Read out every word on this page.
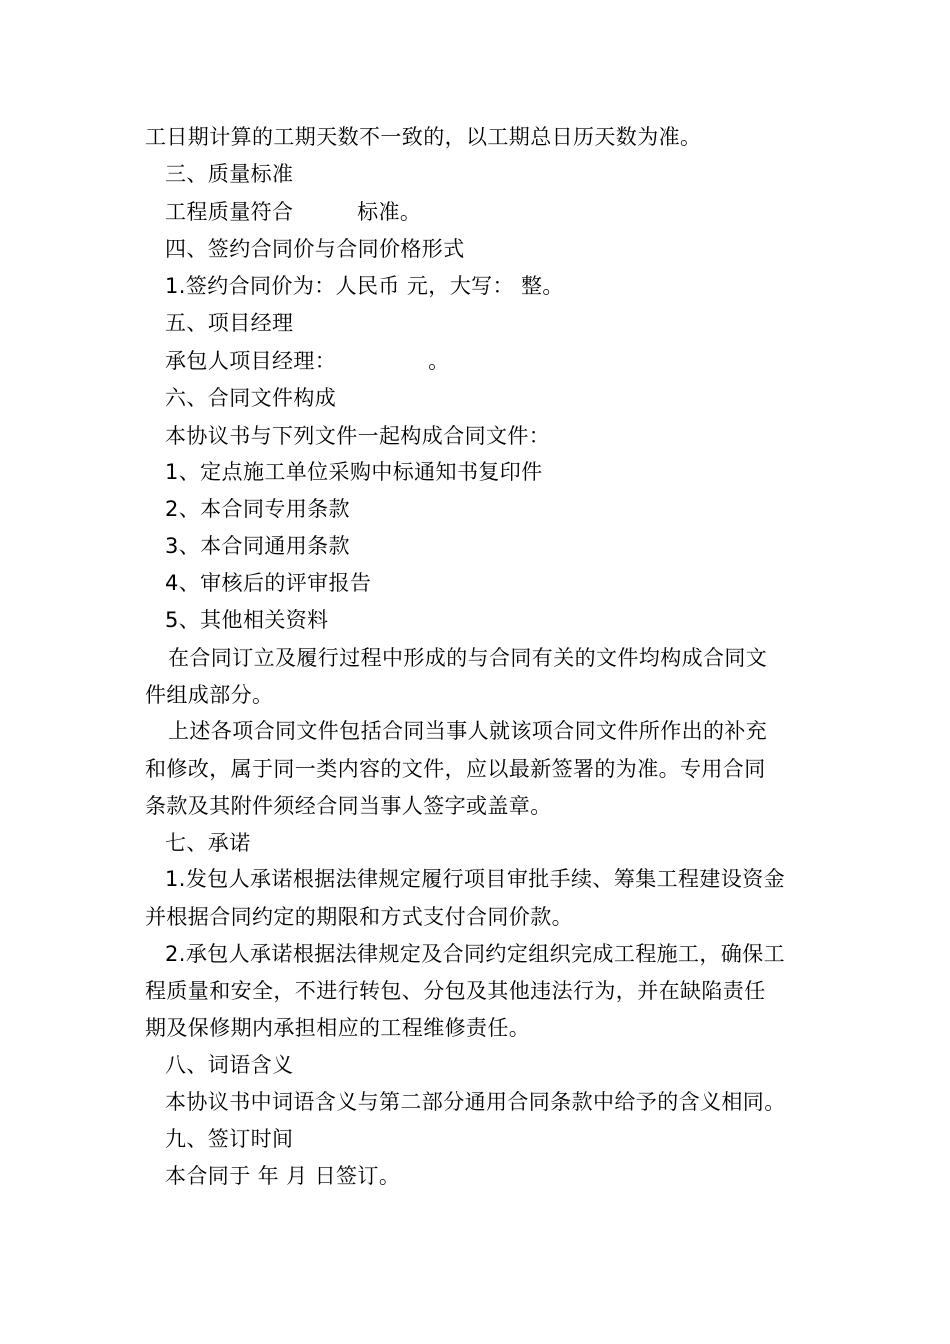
工日期计算的工期天数不一致的，以工期总日历天数为准。
三、质量标准
工程质量符合         标准。
四、签约合同价与合同价格形式
1.签约合同价为：人民币 元，大写： 整。
五、项目经理
承包人项目经理：             。
六、合同文件构成
本协议书与下列文件一起构成合同文件：
1、定点施工单位采购中标通知书复印件
2、本合同专用条款
3、本合同通用条款
4、审核后的评审报告
5、其他相关资料
在合同订立及履行过程中形成的与合同有关的文件均构成合同文
件组成部分。
上述各项合同文件包括合同当事人就该项合同文件所作出的补充
和修改，属于同一类内容的文件，应以最新签署的为准。专用合同
条款及其附件须经合同当事人签字或盖章。
七、承诺
1.发包人承诺根据法律规定履行项目审批手续、筹集工程建设资金
并根据合同约定的期限和方式支付合同价款。
2.承包人承诺根据法律规定及合同约定组织完成工程施工，确保工
程质量和安全，不进行转包、分包及其他违法行为，并在缺陷责任
期及保修期内承担相应的工程维修责任。
八、词语含义
本协议书中词语含义与第二部分通用合同条款中给予的含义相同。
九、签订时间
本合同于 年 月 日签订。
